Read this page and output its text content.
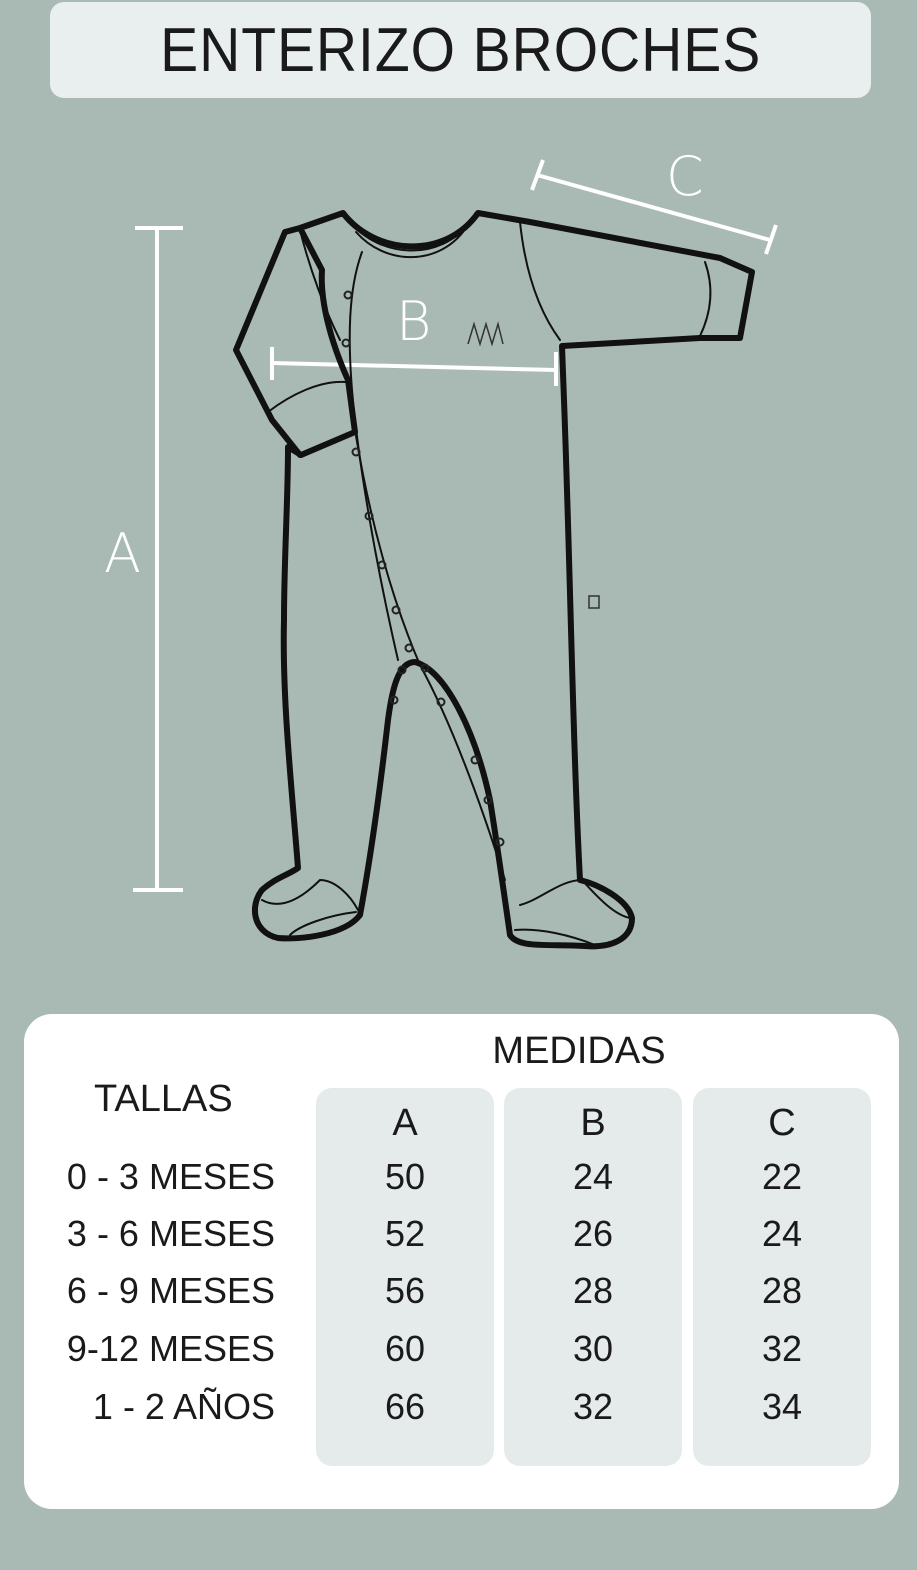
ENTERIZO BROCHES
A
B
C
MEDIDAS
TALLAS
A	B	C
0 - 3 MESES	50	24	22
3 - 6 MESES	52	26	24
6 - 9 MESES	56	28	28
9-12 MESES	60	30	32
1 - 2 AÑOS	66	32	34
